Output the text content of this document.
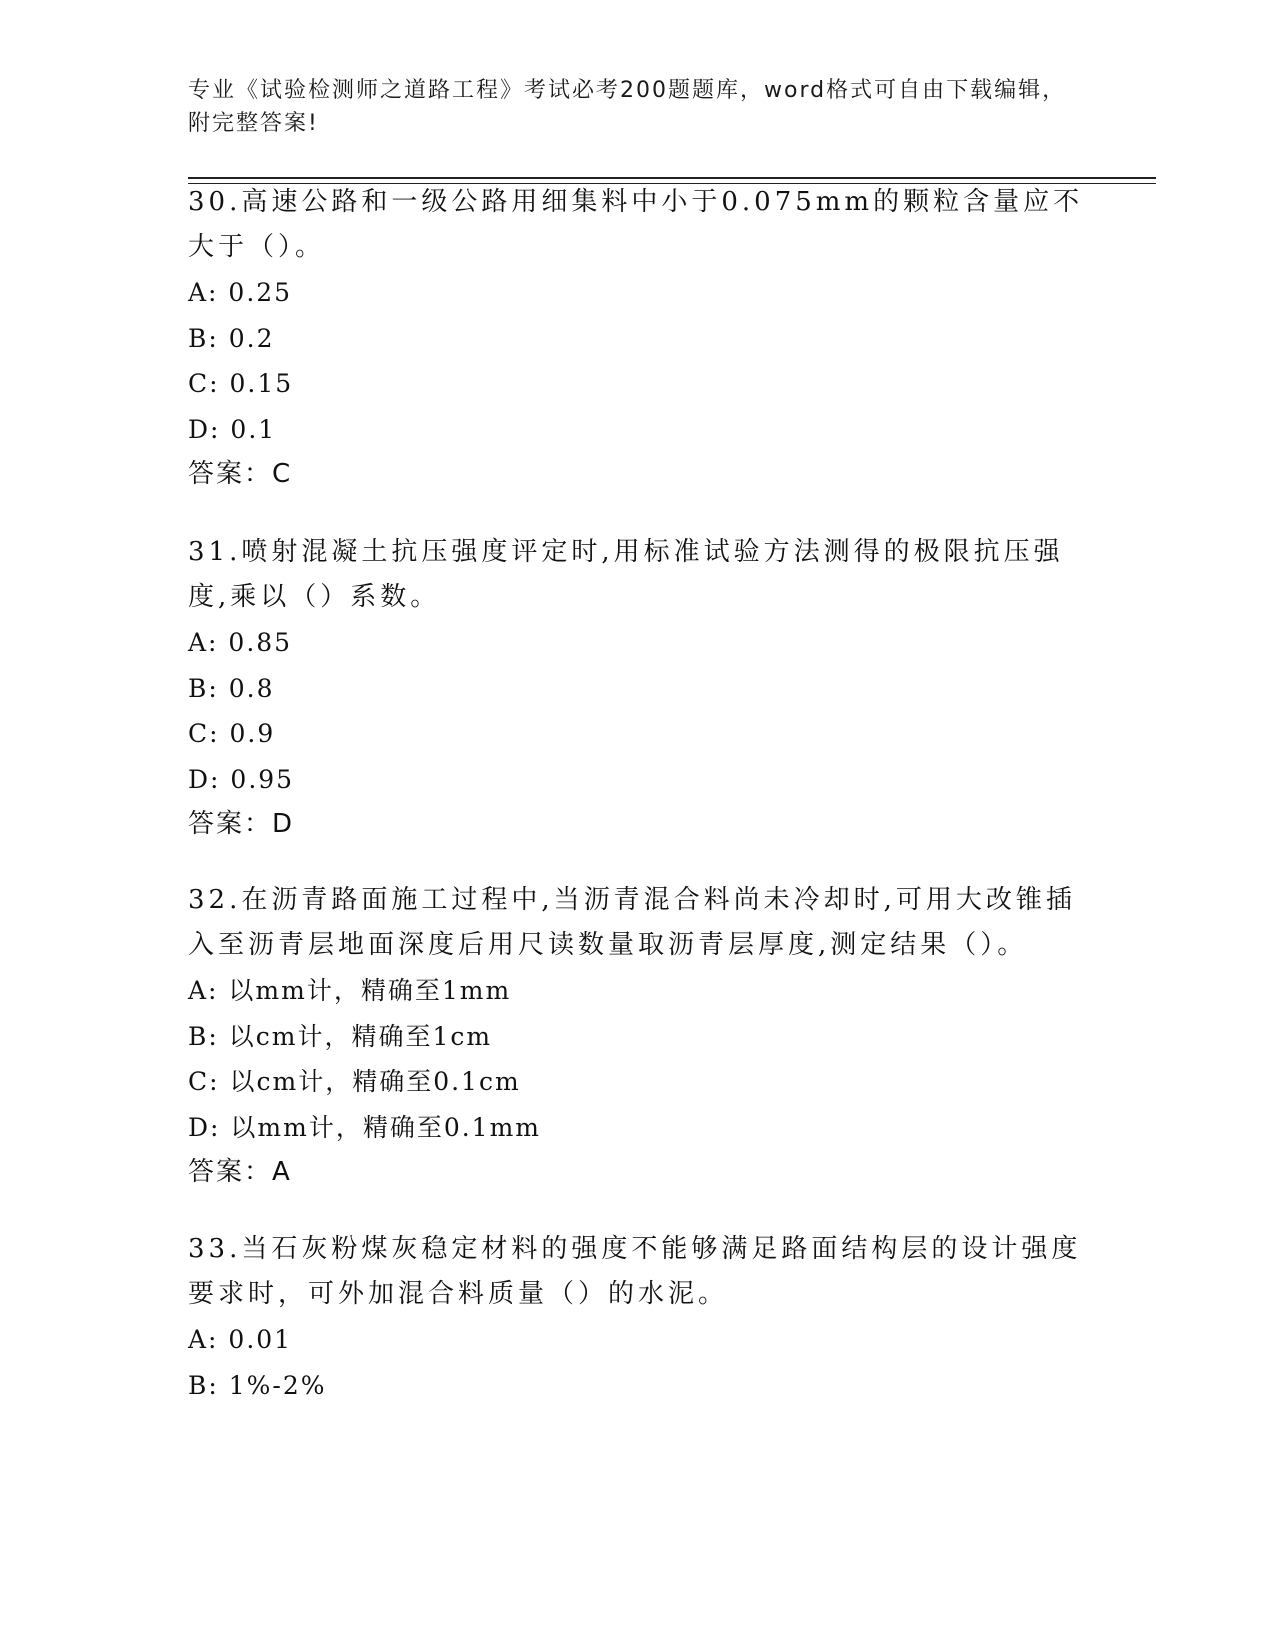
专业《试验检测师之道路工程》考试必考200题题库，word格式可自由下载编辑，附完整答案!

30.高速公路和一级公路用细集料中小于0.075mm的颗粒含量应不大于（）。

A: 0.25

B: 0.2

C: 0.15

D: 0.1

答案：C

31.喷射混凝土抗压强度评定时,用标准试验方法测得的极限抗压强度,乘以（）系数。

A: 0.85

B: 0.8

C: 0.9

D: 0.95

答案：D

32.在沥青路面施工过程中,当沥青混合料尚未冷却时,可用大改锥插入至沥青层地面深度后用尺读数量取沥青层厚度,测定结果（）。

A: 以mm计，精确至1mm

B: 以cm计，精确至1cm

C: 以cm计，精确至0.1cm

D: 以mm计，精确至0.1mm

答案：A

33.当石灰粉煤灰稳定材料的强度不能够满足路面结构层的设计强度要求时，可外加混合料质量（）的水泥。

A: 0.01

B: 1%-2%
